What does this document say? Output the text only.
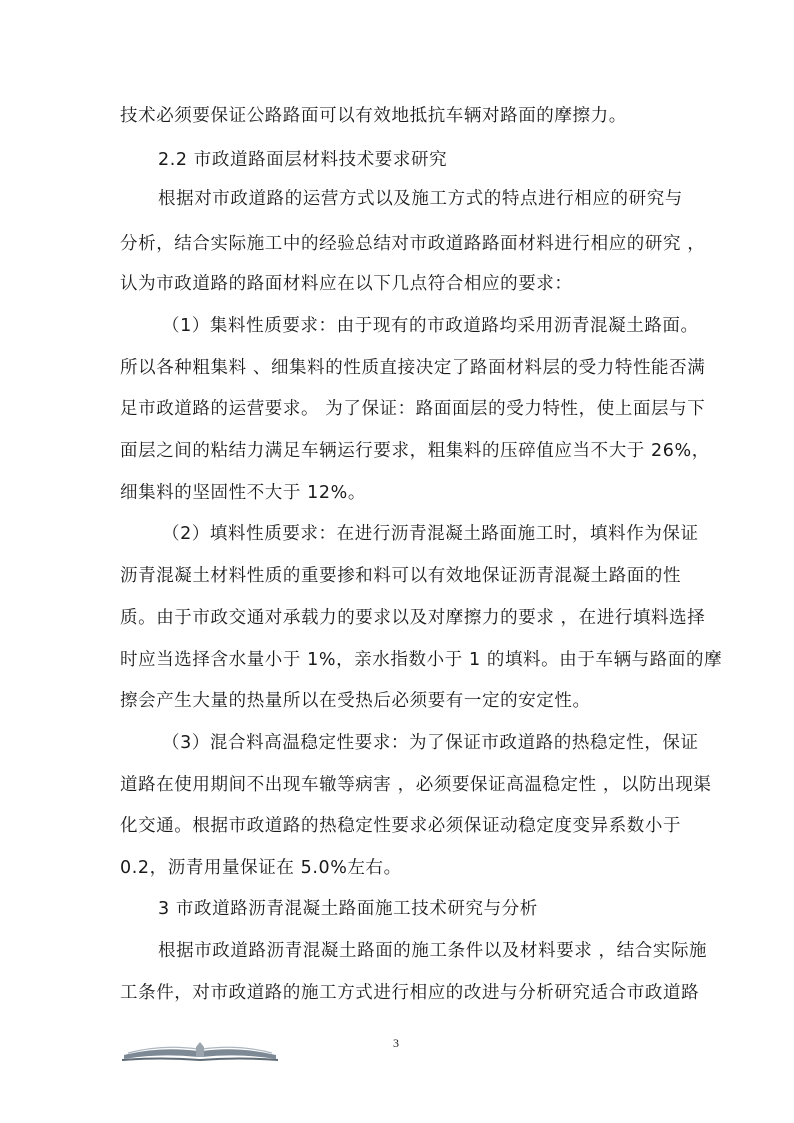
技术必须要保证公路路面可以有效地抵抗车辆对路面的摩擦力。
2.2 市政道路面层材料技术要求研究
根据对市政道路的运营方式以及施工方式的特点进行相应的研究与
分析，结合实际施工中的经验总结对市政道路路面材料进行相应的研究 ，
认为市政道路的路面材料应在以下几点符合相应的要求：
（1）集料性质要求：由于现有的市政道路均采用沥青混凝土路面。
所以各种粗集料 、细集料的性质直接决定了路面材料层的受力特性能否满
足市政道路的运营要求。 为了保证：路面面层的受力特性，使上面层与下
面层之间的粘结力满足车辆运行要求，粗集料的压碎值应当不大于 26%，
细集料的坚固性不大于 12%。
（2）填料性质要求：在进行沥青混凝土路面施工时，填料作为保证
沥青混凝土材料性质的重要掺和料可以有效地保证沥青混凝土路面的性
质。由于市政交通对承载力的要求以及对摩擦力的要求 ，在进行填料选择
时应当选择含水量小于 1%，亲水指数小于 1 的填料。由于车辆与路面的摩
擦会产生大量的热量所以在受热后必须要有一定的安定性。
（3）混合料高温稳定性要求：为了保证市政道路的热稳定性，保证
道路在使用期间不出现车辙等病害 ，必须要保证高温稳定性 ，以防出现渠
化交通。根据市政道路的热稳定性要求必须保证动稳定度变异系数小于
0.2，沥青用量保证在 5.0%左右。
3 市政道路沥青混凝土路面施工技术研究与分析
根据市政道路沥青混凝土路面的施工条件以及材料要求 ，结合实际施
工条件，对市政道路的施工方式进行相应的改进与分析研究适合市政道路
3
